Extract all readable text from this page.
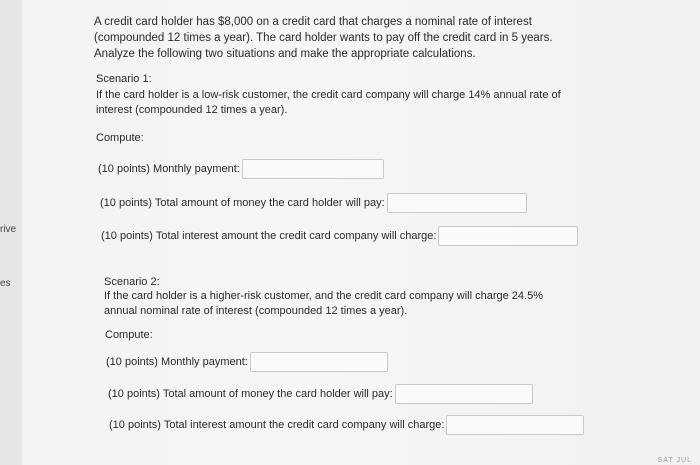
rive
es

A credit card holder has $8,000 on a credit card that charges a nominal rate of interest (compounded 12 times a year). The card holder wants to pay off the credit card in 5 years. Analyze the following two situations and make the appropriate calculations.

Scenario 1:

If the card holder is a low-risk customer, the credit card company will charge 14% annual rate of interest (compounded 12 times a year).

Compute:

(10 points) Monthly payment:
(10 points) Total amount of money the card holder will pay:
(10 points) Total interest amount the credit card company will charge:

Scenario 2:

If the card holder is a higher-risk customer, and the credit card company will charge 24.5% annual nominal rate of interest (compounded 12 times a year).

Compute:

(10 points) Monthly payment:
(10 points) Total amount of money the card holder will pay:
(10 points) Total interest amount the credit card company will charge:
SAT JUL
